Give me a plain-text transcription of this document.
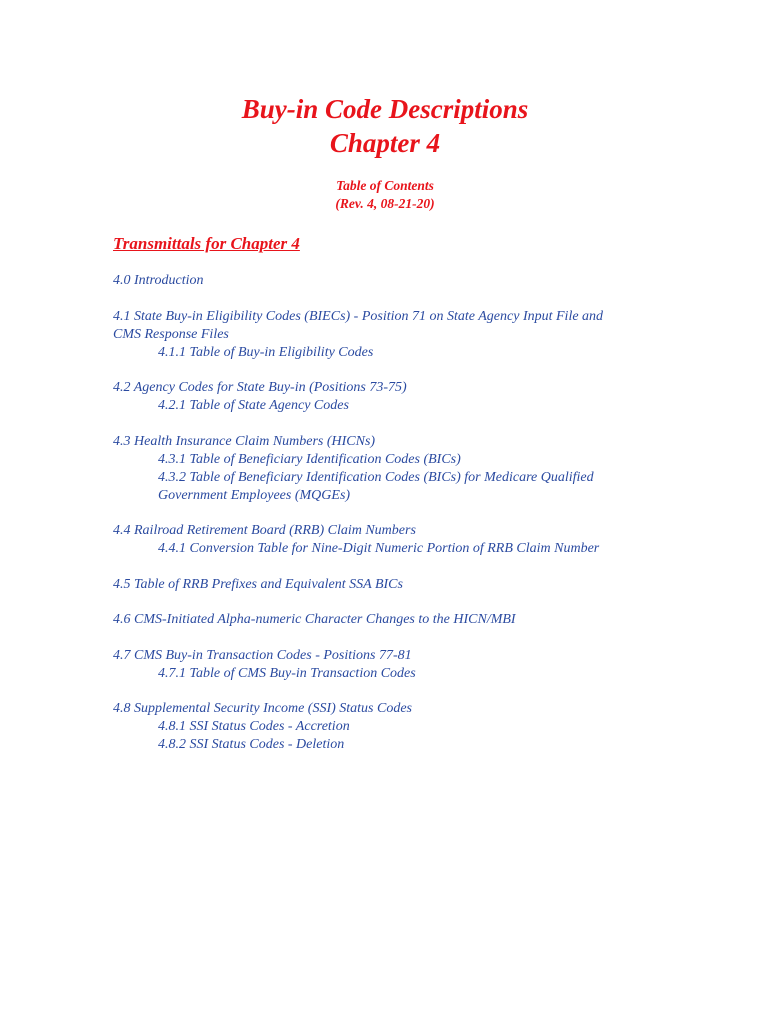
Buy-in Code Descriptions
Chapter 4
Table of Contents
(Rev. 4, 08-21-20)
Transmittals for Chapter 4
4.0 Introduction
4.1 State Buy-in Eligibility Codes (BIECs) - Position 71 on State Agency Input File and
CMS Response Files
4.1.1 Table of Buy-in Eligibility Codes
4.2 Agency Codes for State Buy-in (Positions 73-75)
4.2.1 Table of State Agency Codes
4.3 Health Insurance Claim Numbers (HICNs)
4.3.1 Table of Beneficiary Identification Codes (BICs)
4.3.2 Table of Beneficiary Identification Codes (BICs) for Medicare Qualified
Government Employees (MQGEs)
4.4 Railroad Retirement Board (RRB) Claim Numbers
4.4.1 Conversion Table for Nine-Digit Numeric Portion of RRB Claim Number
4.5 Table of RRB Prefixes and Equivalent SSA BICs
4.6 CMS-Initiated Alpha-numeric Character Changes to the HICN/MBI
4.7 CMS Buy-in Transaction Codes - Positions 77-81
4.7.1 Table of CMS Buy-in Transaction Codes
4.8 Supplemental Security Income (SSI) Status Codes
4.8.1 SSI Status Codes - Accretion
4.8.2 SSI Status Codes - Deletion
